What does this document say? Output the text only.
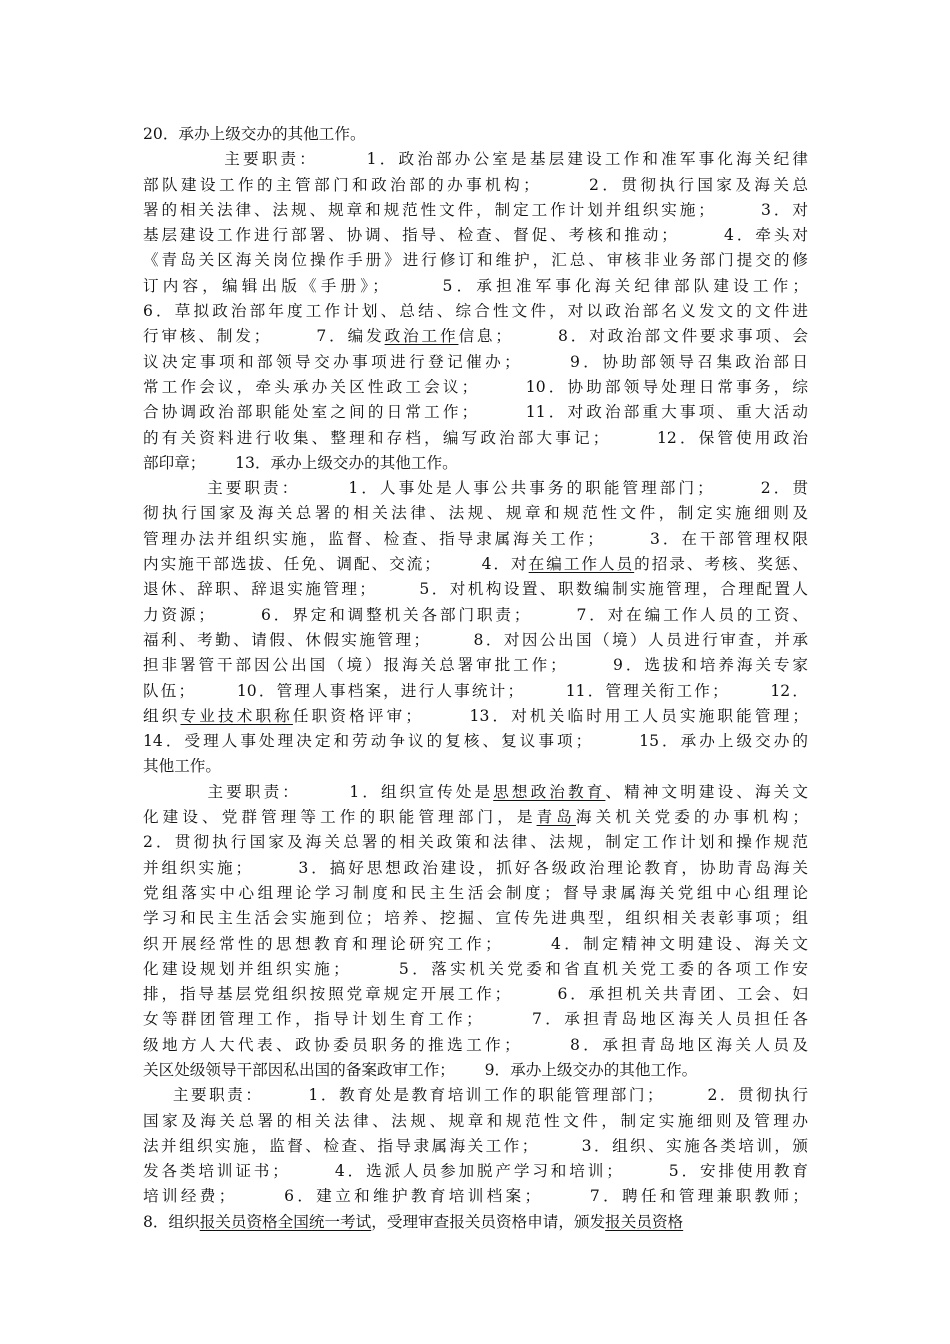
20．承办上级交办的其他工作。
主要职责：      1．政治部办公室是基层建设工作和准军事化海关纪律
部队建设工作的主管部门和政治部的办事机构；      2．贯彻执行国家及海关总
署的相关法律、法规、规章和规范性文件，制定工作计划并组织实施；      3．对
基层建设工作进行部署、协调、指导、检查、督促、考核和推动；      4．牵头对
《青岛关区海关岗位操作手册》进行修订和维护，汇总、审核非业务部门提交的修
订内容，编辑出版《手册》；      5．承担准军事化海关纪律部队建设工作；
6．草拟政治部年度工作计划、总结、综合性文件，对以政治部名义发文的文件进
行审核、制发；      7．编发政治工作信息；      8．对政治部文件要求事项、会
议决定事项和部领导交办事项进行登记催办；      9．协助部领导召集政治部日
常工作会议，牵头承办关区性政工会议；      10．协助部领导处理日常事务，综
合协调政治部职能处室之间的日常工作；      11．对政治部重大事项、重大活动
的有关资料进行收集、整理和存档，编写政治部大事记；      12．保管使用政治
部印章；      13．承办上级交办的其他工作。
主要职责：      1．人事处是人事公共事务的职能管理部门；      2．贯
彻执行国家及海关总署的相关法律、法规、规章和规范性文件，制定实施细则及
管理办法并组织实施，监督、检查、指导隶属海关工作；      3．在干部管理权限
内实施干部选拔、任免、调配、交流；      4．对在编工作人员的招录、考核、奖惩、
退休、辞职、辞退实施管理；      5．对机构设置、职数编制实施管理，合理配置人
力资源；      6．界定和调整机关各部门职责；      7．对在编工作人员的工资、
福利、考勤、请假、休假实施管理；      8．对因公出国（境）人员进行审查，并承
担非署管干部因公出国（境）报海关总署审批工作；      9．选拔和培养海关专家
队伍；      10．管理人事档案，进行人事统计；      11．管理关衔工作；      12．
组织专业技术职称任职资格评审；      13．对机关临时用工人员实施职能管理；
14．受理人事处理决定和劳动争议的复核、复议事项；      15．承办上级交办的
其他工作。
主要职责：      1．组织宣传处是思想政治教育、精神文明建设、海关文
化建设、党群管理等工作的职能管理部门，是青岛海关机关党委的办事机构；
2．贯彻执行国家及海关总署的相关政策和法律、法规，制定工作计划和操作规范
并组织实施；      3．搞好思想政治建设，抓好各级政治理论教育，协助青岛海关
党组落实中心组理论学习制度和民主生活会制度；督导隶属海关党组中心组理论
学习和民主生活会实施到位；培养、挖掘、宣传先进典型，组织相关表彰事项；组
织开展经常性的思想教育和理论研究工作；      4．制定精神文明建设、海关文
化建设规划并组织实施；      5．落实机关党委和省直机关党工委的各项工作安
排，指导基层党组织按照党章规定开展工作；      6．承担机关共青团、工会、妇
女等群团管理工作，指导计划生育工作；      7．承担青岛地区海关人员担任各
级地方人大代表、政协委员职务的推选工作；      8．承担青岛地区海关人员及
关区处级领导干部因私出国的备案政审工作；      9．承办上级交办的其他工作。
主要职责：      1．教育处是教育培训工作的职能管理部门；      2．贯彻执行
国家及海关总署的相关法律、法规、规章和规范性文件，制定实施细则及管理办
法并组织实施，监督、检查、指导隶属海关工作；      3．组织、实施各类培训，颁
发各类培训证书；      4．选派人员参加脱产学习和培训；      5．安排使用教育
培训经费；      6．建立和维护教育培训档案；      7．聘任和管理兼职教师；
8．组织报关员资格全国统一考试，受理审查报关员资格申请，颁发报关员资格
